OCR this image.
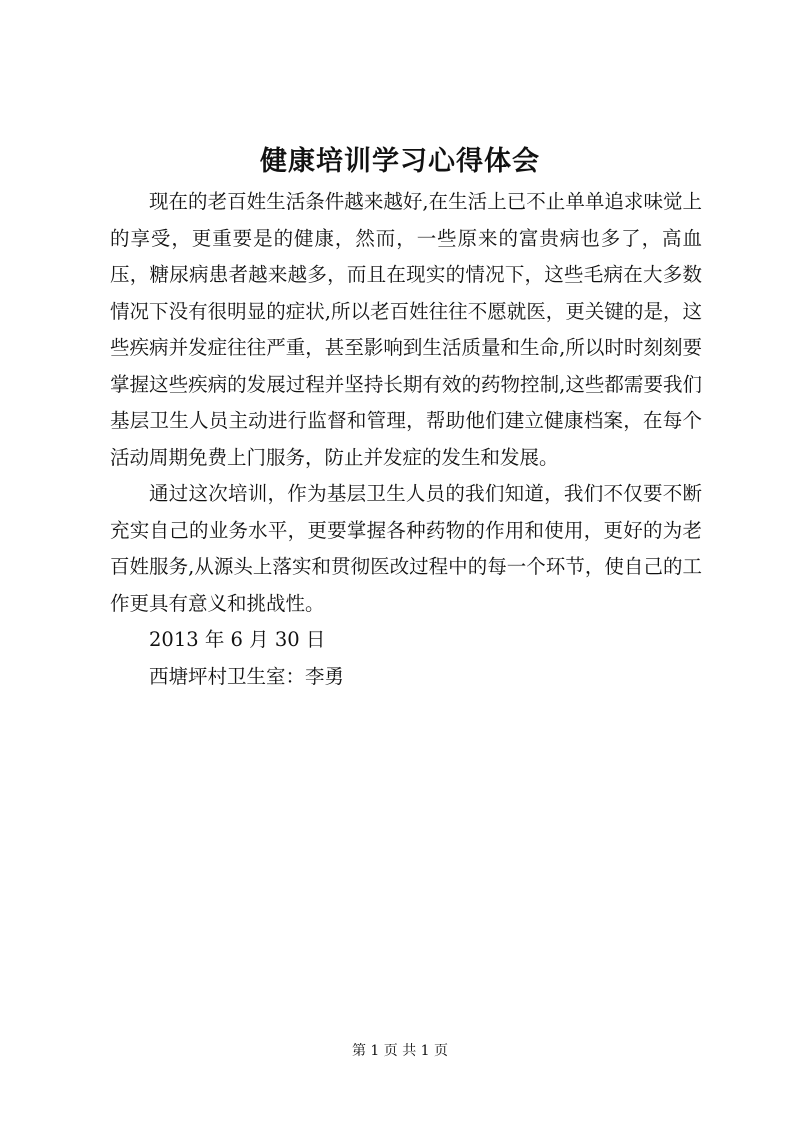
健康培训学习心得体会

现在的老百姓生活条件越来越好,在生活上已不止单单追求味觉上的享受，更重要是的健康，然而，一些原来的富贵病也多了，高血压，糖尿病患者越来越多，而且在现实的情况下，这些毛病在大多数情况下没有很明显的症状,所以老百姓往往不愿就医，更关键的是，这些疾病并发症往往严重，甚至影响到生活质量和生命,所以时时刻刻要掌握这些疾病的发展过程并坚持长期有效的药物控制,这些都需要我们基层卫生人员主动进行监督和管理，帮助他们建立健康档案，在每个活动周期免费上门服务，防止并发症的发生和发展。

通过这次培训，作为基层卫生人员的我们知道，我们不仅要不断充实自己的业务水平，更要掌握各种药物的作用和使用，更好的为老百姓服务,从源头上落实和贯彻医改过程中的每一个环节，使自己的工作更具有意义和挑战性。

2013 年 6 月 30 日

西塘坪村卫生室：李勇

第 1 页 共 1 页
